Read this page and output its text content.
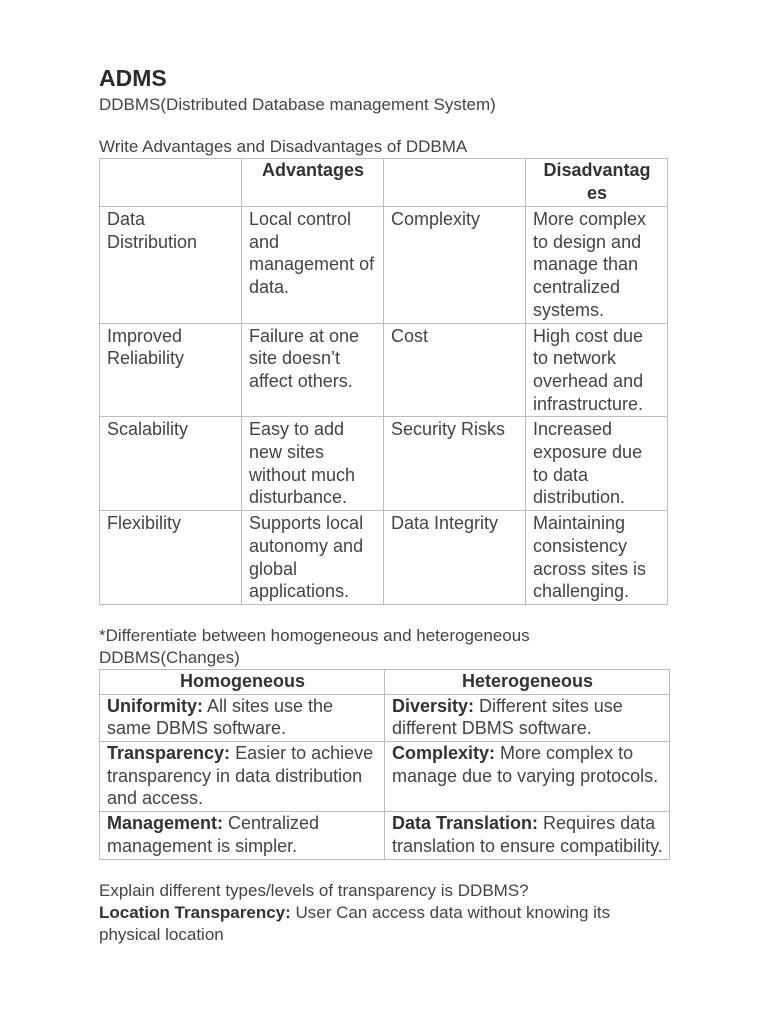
ADMS

DDBMS(Distributed Database management System)

Write Advantages and Disadvantages of DDBMA

	Advantages		Disadvantag
es
Data Distribution	Local control and management of data.	Complexity	More complex to design and manage than centralized systems.
Improved Reliability	Failure at one site doesn’t affect others.	Cost	High cost due to network overhead and infrastructure.
Scalability	Easy to add new sites without much disturbance.	Security Risks	Increased exposure due to data distribution.
Flexibility	Supports local autonomy and global applications.	Data Integrity	Maintaining consistency across sites is challenging.

*Differentiate between homogeneous and heterogeneous

DDBMS(Changes)

Homogeneous	Heterogeneous
Uniformity: All sites use the same DBMS software.	Diversity: Different sites use different DBMS software.
Transparency: Easier to achieve transparency in data distribution and access.	Complexity: More complex to manage due to varying protocols.
Management: Centralized management is simpler.	Data Translation: Requires data translation to ensure compatibility.

Explain different types/levels of transparency is DDBMS?

Location Transparency: User Can access data without knowing its physical location
